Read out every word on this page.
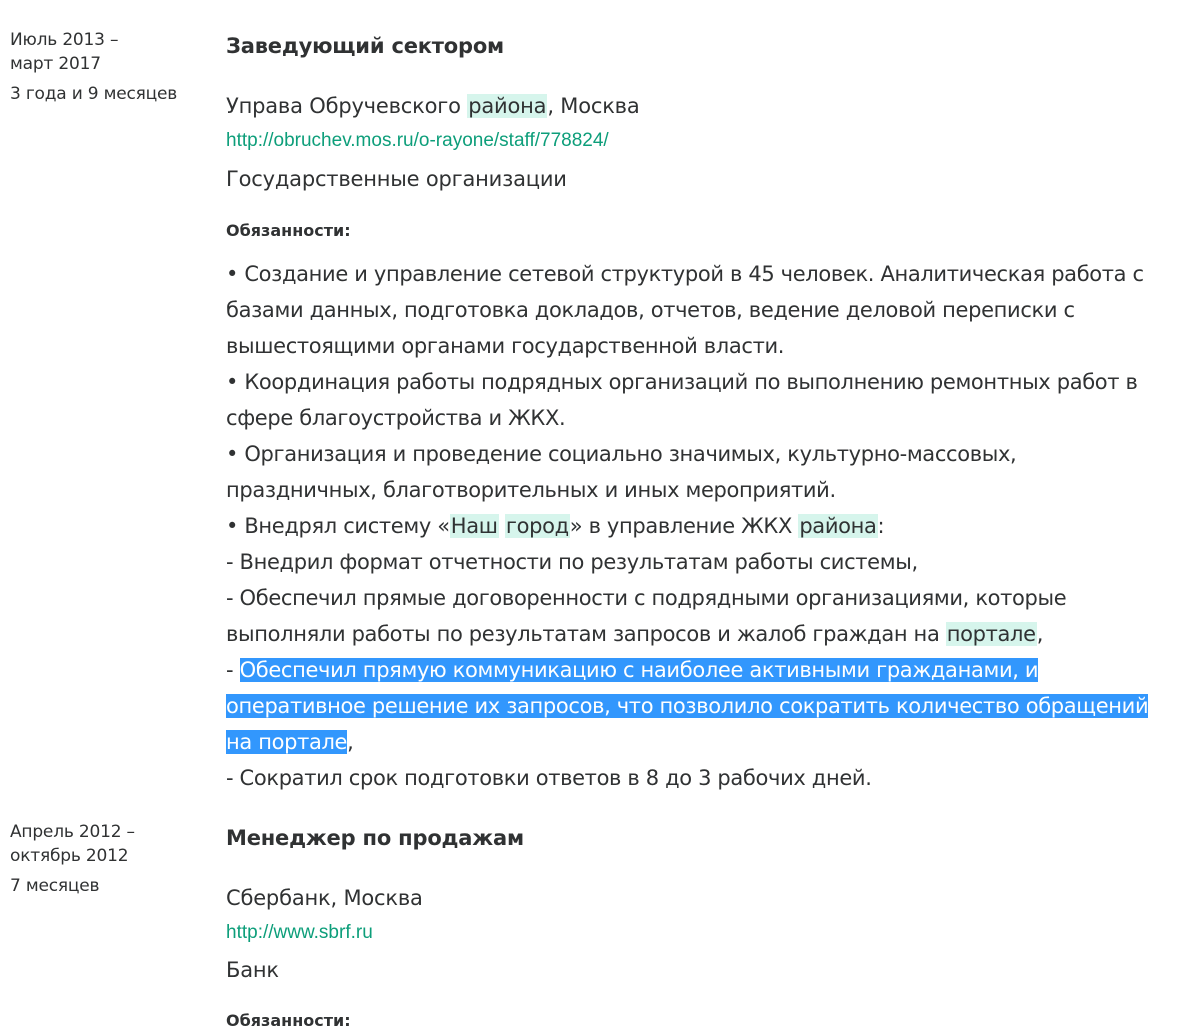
Июль 2013 –
март 2017
3 года и 9 месяцев
Заведующий сектором
Управа Обручевского района, Москва
http://obruchev.mos.ru/o-rayone/staff/778824/
Государственные организации
Обязанности:
• Создание и управление сетевой структурой в 45 человек. Аналитическая работа с
базами данных, подготовка докладов, отчетов, ведение деловой переписки с
вышестоящими органами государственной власти.
• Координация работы подрядных организаций по выполнению ремонтных работ в
сфере благоустройства и ЖКХ.
• Организация и проведение социально значимых, культурно-массовых,
праздничных, благотворительных и иных мероприятий.
• Внедрял систему «Наш город» в управление ЖКХ района:
- Внедрил формат отчетности по результатам работы системы,
- Обеспечил прямые договоренности с подрядными организациями, которые
выполняли работы по результатам запросов и жалоб граждан на портале,
- Обеспечил прямую коммуникацию с наиболее активными гражданами, и
оперативное решение их запросов, что позволило сократить количество обращений
на портале,
- Сократил срок подготовки ответов в 8 до 3 рабочих дней.
Апрель 2012 –
октябрь 2012
7 месяцев
Менеджер по продажам
Сбербанк, Москва
http://www.sbrf.ru
Банк
Обязанности:
